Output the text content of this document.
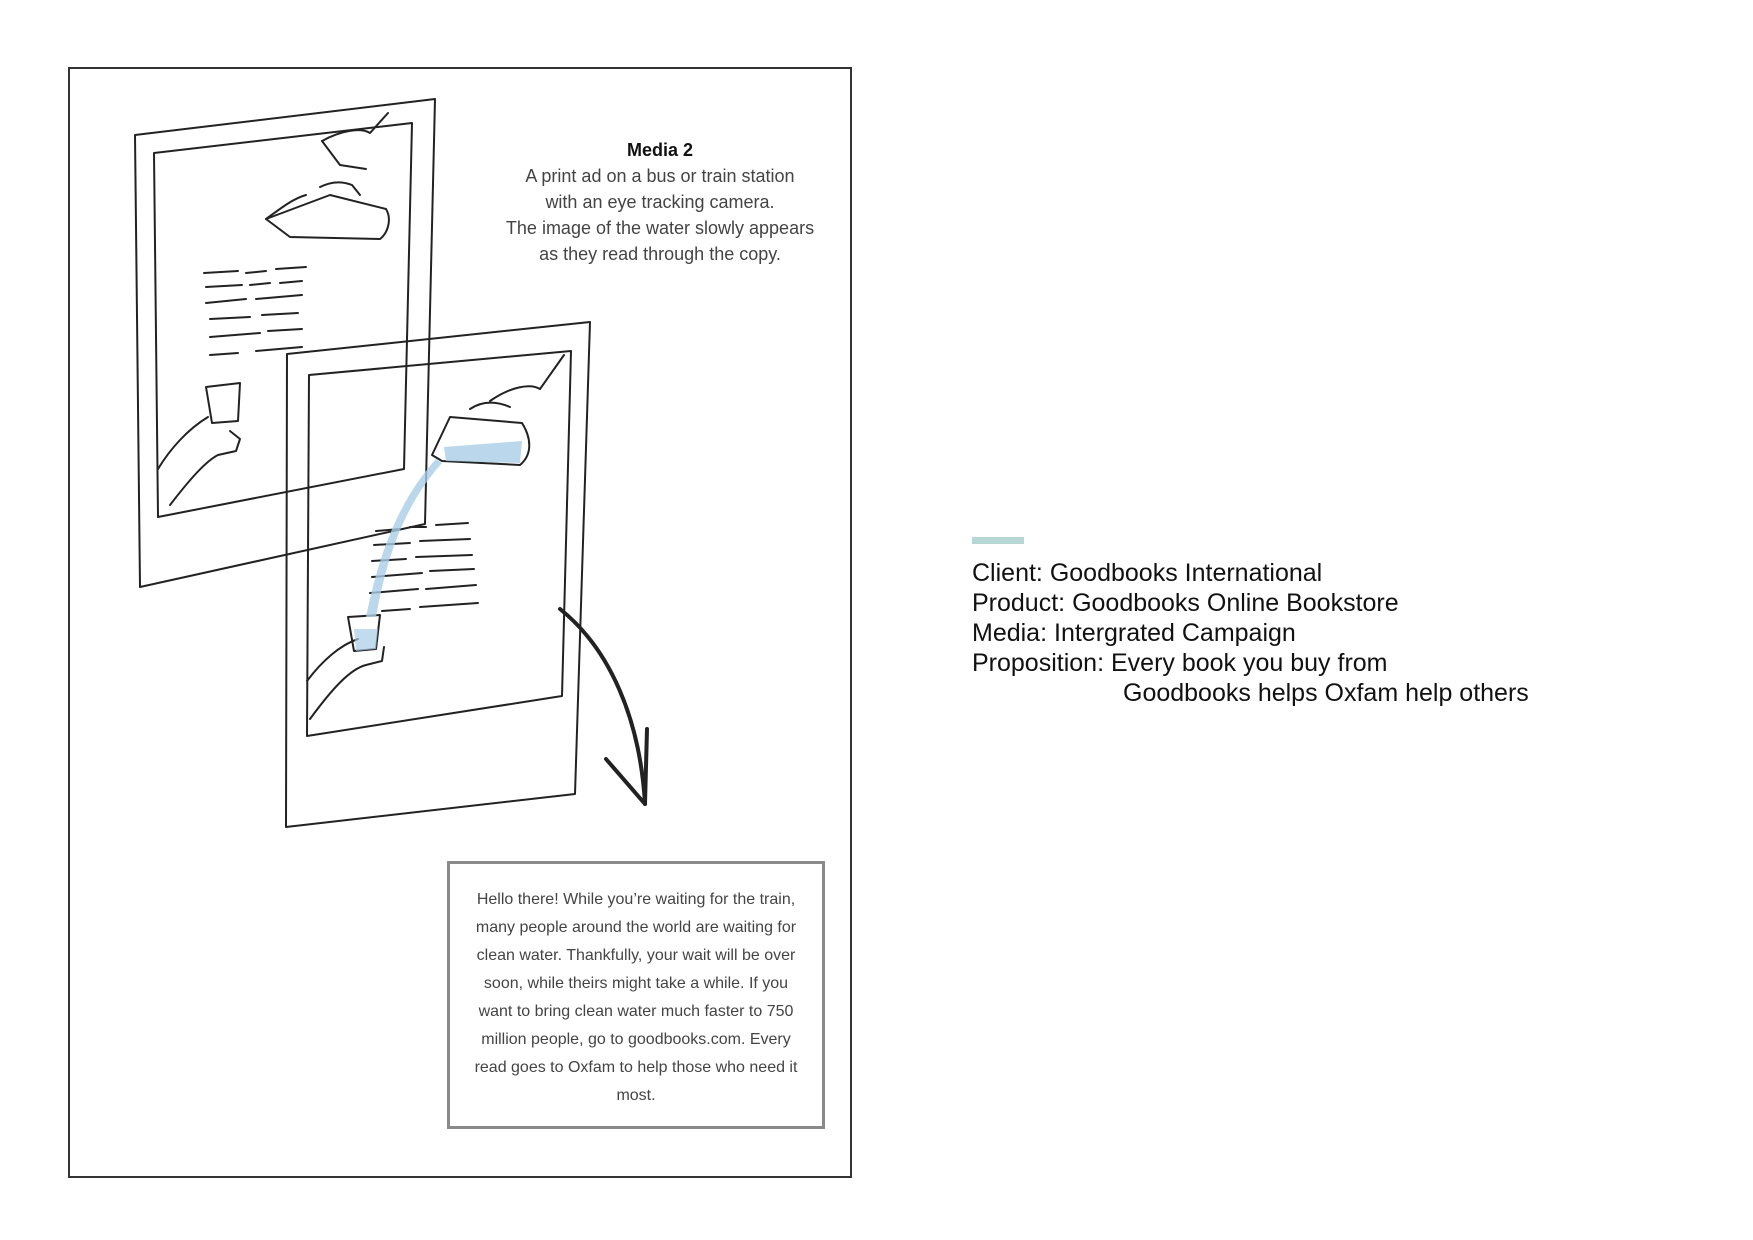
Media 2
A print ad on a bus or train station
with an eye tracking camera.
The image of the water slowly appears
as they read through the copy.
Hello there! While you’re waiting for the train, many people around the world are waiting for clean water. Thankfully, your wait will be over soon, while theirs might take a while. If you want to bring clean water much faster to 750 million people, go to goodbooks.com. Every read goes to Oxfam to help those who need it most.
Client: Goodbooks International
Product: Goodbooks Online Bookstore
Media: Intergrated Campaign
Proposition: Every book you buy from
Goodbooks helps Oxfam help others
